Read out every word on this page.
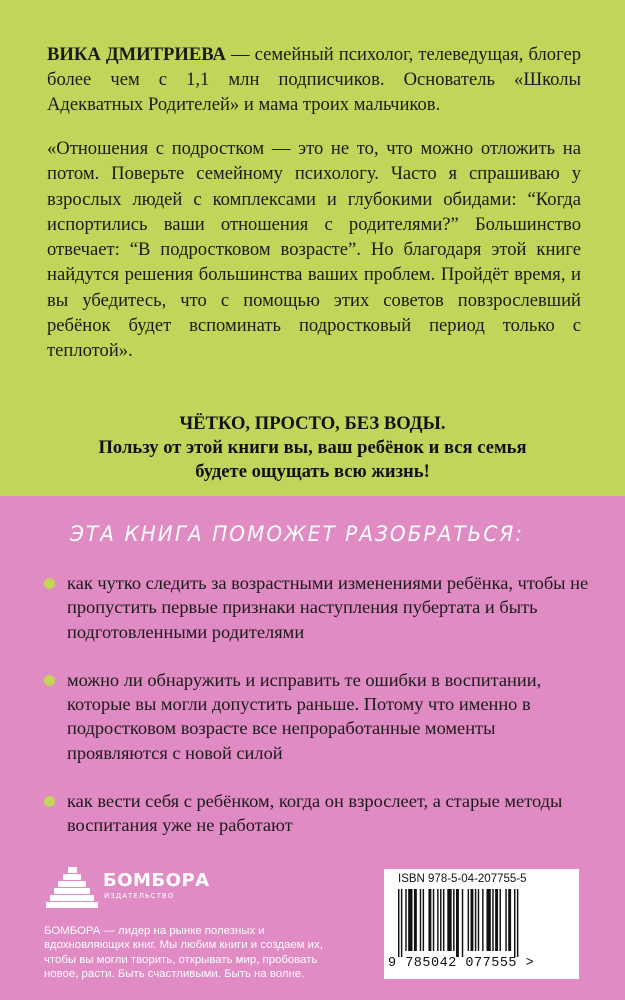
ВИКА ДМИТРИЕВА — семейный психолог, телеведущая, блогер более чем с 1,1 млн подписчиков. Основатель «Школы Адекватных Родителей» и мама троих мальчиков.

«Отношения с подростком — это не то, что можно отложить на потом. Поверьте семейному психологу. Часто я спрашиваю у взрослых людей с комплексами и глубокими обидами: “Когда испортились ваши отношения с родителями?” Большинство отвечает: “В подростковом возрасте”. Но благодаря этой книге найдутся решения большинства ваших проблем. Пройдёт время, и вы убедитесь, что с помощью этих советов повзрослевший ребёнок будет вспоминать подростковый период только с теплотой».

ЧЁТКО, ПРОСТО, БЕЗ ВОДЫ.
Пользу от этой книги вы, ваш ребёнок и вся семья
будете ощущать всю жизнь!

ЭТА КНИГА ПОМОЖЕТ РАЗОБРАТЬСЯ:

как чутко следить за возрастными изменениями ребёнка, чтобы не пропустить первые признаки наступления пубертата и быть подготовленными родителями
можно ли обнаружить и исправить те ошибки в воспитании, которые вы могли допустить раньше. Потому что именно в подростковом возрасте все непроработанные моменты проявляются с новой силой
как вести себя с ребёнком, когда он взрослеет, а старые методы воспитания уже не работают

БОМБОРА

ИЗДАТЕЛЬСТВО

БОМБОРА — лидер на рынке полезных и вдохновляющих книг. Мы любим книги и создаем их, чтобы вы могли творить, открывать мир, пробовать новое, расти. Быть счастливыми. Быть на волне.

ISBN 978-5-04-207755-5

9 785042 077555 >
